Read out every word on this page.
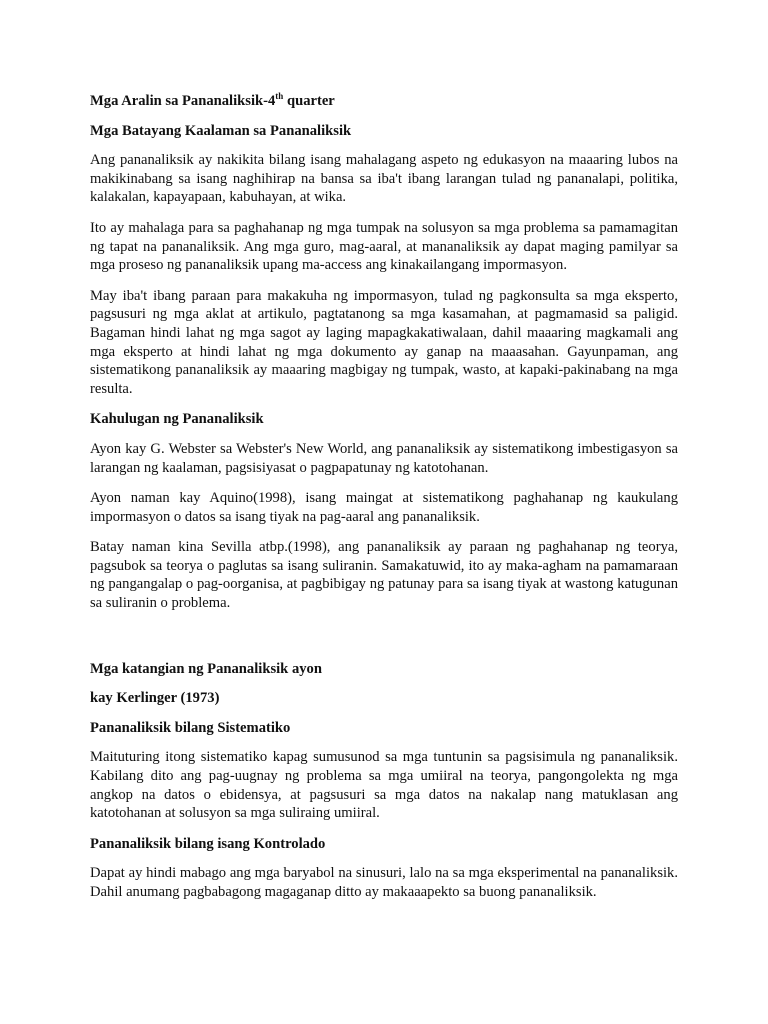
Mga Aralin sa Pananaliksik-4th quarter
Mga Batayang Kaalaman sa Pananaliksik
Ang pananaliksik ay nakikita bilang isang mahalagang aspeto ng edukasyon na maaaring lubos na makikinabang sa isang naghihirap na bansa sa iba't ibang larangan tulad ng pananalapi, politika, kalakalan, kapayapaan, kabuhayan, at wika.
Ito ay mahalaga para sa paghahanap ng mga tumpak na solusyon sa mga problema sa pamamagitan ng tapat na pananaliksik. Ang mga guro, mag-aaral, at mananaliksik ay dapat maging pamilyar sa mga proseso ng pananaliksik upang ma-access ang kinakailangang impormasyon.
May iba't ibang paraan para makakuha ng impormasyon, tulad ng pagkonsulta sa mga eksperto, pagsusuri ng mga aklat at artikulo, pagtatanong sa mga kasamahan, at pagmamasid sa paligid. Bagaman hindi lahat ng mga sagot ay laging mapagkakatiwalaan, dahil maaaring magkamali ang mga eksperto at hindi lahat ng mga dokumento ay ganap na maaasahan. Gayunpaman, ang sistematikong pananaliksik ay maaaring magbigay ng tumpak, wasto, at kapaki-pakinabang na mga resulta.
Kahulugan ng Pananaliksik
Ayon kay G. Webster sa Webster's New World, ang pananaliksik ay sistematikong imbestigasyon sa larangan ng kaalaman, pagsisiyasat o pagpapatunay ng katotohanan.
Ayon naman kay Aquino(1998), isang maingat at sistematikong paghahanap ng kaukulang impormasyon o datos sa isang tiyak na pag-aaral ang pananaliksik.
Batay naman kina Sevilla atbp.(1998), ang pananaliksik ay paraan ng paghahanap ng teorya, pagsubok sa teorya o paglutas sa isang suliranin. Samakatuwid, ito ay maka-agham na pamamaraan ng pangangalap o pag-oorganisa, at pagbibigay ng patunay para sa isang tiyak at wastong katugunan sa suliranin o problema.
Mga katangian ng Pananaliksik ayon
kay Kerlinger (1973)
Pananaliksik bilang Sistematiko
Maituturing itong sistematiko kapag sumusunod sa mga tuntunin sa pagsisimula ng pananaliksik. Kabilang dito ang pag-uugnay ng problema sa mga umiiral na teorya, pangongolekta ng mga angkop na datos o ebidensya, at pagsusuri sa mga datos na nakalap nang matuklasan ang katotohanan at solusyon sa mga suliraing umiiral.
Pananaliksik bilang isang Kontrolado
Dapat ay hindi mabago ang mga baryabol na sinusuri, lalo na sa mga eksperimental na pananaliksik. Dahil anumang pagbabagong magaganap ditto ay makaaapekto sa buong pananaliksik.
